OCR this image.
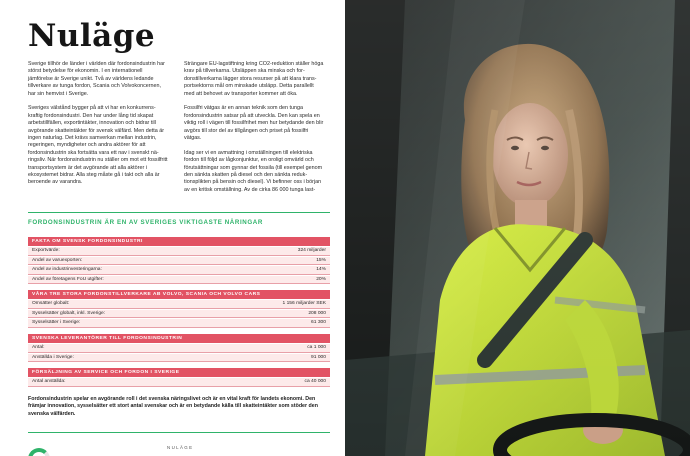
Nuläge

Sverige tillhör de länder i världen där fordonsindustrin har störst betydelse för ekonomin. I en internationell jämförelse är Sverige unikt. Två av världens ledande tillverkare av tunga fordon, Scania och Volvokoncernen, har sin hemvist i Sverige.

Sveriges välstånd bygger på att vi har en konkurrenskraftig fordonsindustri. Den har under lång tid skapat arbetstillfällen, exportintäkter, innovation och bidrar till avgörande skatteintäkter för svensk välfärd. Men detta är ingen naturlag. Det krävs samverkan mellan industrin, regeringen, myndigheter och andra aktörer för att fordonsindustrin ska fortsätta vara ett nav i svenskt näringsliv. När fordonsindustrin nu ställer om mot ett fossilfritt transportsystem är det avgörande att alla aktörer i ekosystemet bidrar. Alla steg måste gå i takt och alla är beroende av varandra.

Strängare EU-lagstiftning kring CO2-reduktion ställer höga krav på tillverkarna. Utsläppen ska minska och fordonstillverkarna lägger stora resurser på att klara transportsektorns mål om minskade utsläpp. Detta parallellt med att behovet av transporter kommer att öka.

Fossilfri vätgas är en annan teknik som den tunga fordonsindustrin satsar på att utveckla. Den kan spela en viktig roll i vägen till fossilfrihet men hur betydande den blir avgörs till stor del av tillgången och priset på fossilfri vätgas.

Idag ser vi en avmattning i omställningen till elektriska fordon till följd av lågkonjunktur, en oroligt omvärld och förutsättningar som gynnar det fossila (till exempel genom den sänkta skatten på diesel och den sänkta reduktionsplikten på bensin och diesel). Vi befinner oss i början av en kritisk omställning. Av de cirka 86 000 tunga last-

FORDONSINDUSTRIN ÄR EN AV SVERIGES VIKTIGASTE NÄRINGAR
FAKTA OM SVENSK FORDONSINDUSTRI
Exportvärde:	324 miljarder
Andel av varuexporten:	15%
Andel av industrinvesteringarna:	14%
Andel av företagens FoU utgifter:	20%
VÅRA TRE STORA FORDONSTILLVERKARE AB VOLVO, SCANIA OCH VOLVO CARS
Omsätter globalt:	1 156 miljarder SEK
Sysselsätter globalt, inkl. Sverige:	208 000
Sysselsätter i Sverige:	61 300
SVENSKA LEVERANTÖRER TILL FORDONSINDUSTRIN
Antal:	ca 1 000
Anställda i Sverige:	91 000
FÖRSÄLJNING AV SERVICE OCH FORDON I SVERIGE
Antal anställda:	ca 40 000

Fordonsindustrin spelar en avgörande roll i det svenska näringslivet och är en vital kraft för landets ekonomi. Den främjar innovation, sysselsätter ett stort antal svenskar och är en betydande källa till skatteintäkter som stöder den svenska välfärden.

NULÄGE
